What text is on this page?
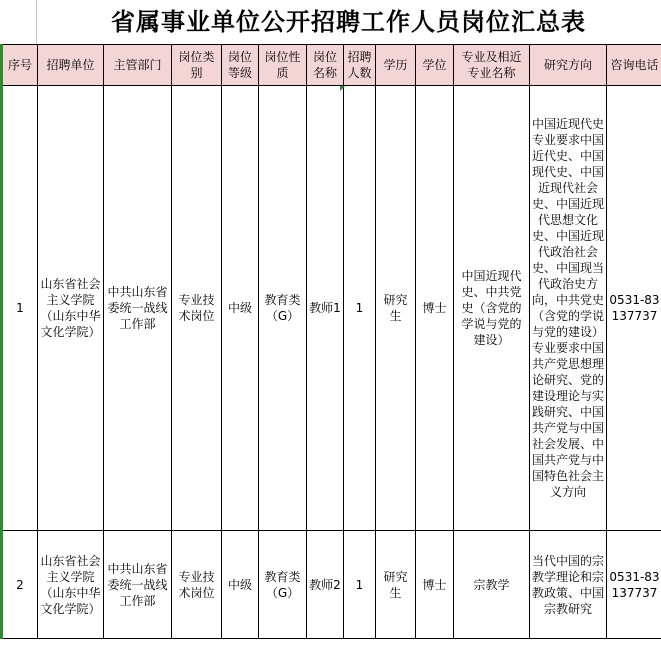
省属事业单位公开招聘工作人员岗位汇总表
序号	招聘单位	主管部门	岗位类别	岗位等级	岗位性质	岗位名称	招聘人数	学历	学位	专业及相近专业名称	研究方向	咨询电话
1	山东省社会主义学院（山东中华文化学院）	中共山东省委统一战线工作部	专业技术岗位	中级	教育类（G）	教师1	1	研究生	博士	中国近现代史、中共党史（含党的学说与党的建设）	中国近现代史专业要求中国近代史、中国现代史、中国近现代社会史、中国近现代思想文化史、中国近现代政治社会史、中国现当代政治史方向，中共党史（含党的学说与党的建设）专业要求中国共产党思想理论研究、党的建设理论与实践研究、中国共产党与中国社会发展、中国共产党与中国特色社会主义方向	0531-83137737
2	山东省社会主义学院（山东中华文化学院）	中共山东省委统一战线工作部	专业技术岗位	中级	教育类（G）	教师2	1	研究生	博士	宗教学	当代中国的宗教学理论和宗教政策、中国宗教研究	0531-83137737
